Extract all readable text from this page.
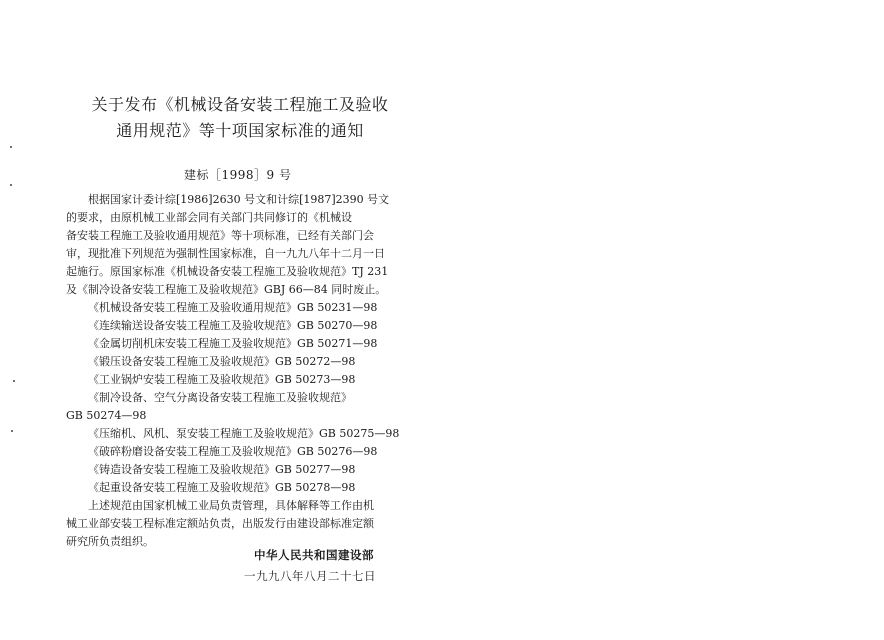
关于发布《机械设备安装工程施工及验收
通用规范》等十项国家标准的通知
建标［1998］9 号
根据国家计委计综[1986]2630 号文和计综[1987]2390 号文
的要求，由原机械工业部会同有关部门共同修订的《机械设
备安装工程施工及验收通用规范》等十项标准，已经有关部门会
审，现批准下列规范为强制性国家标准，自一九九八年十二月一日
起施行。原国家标准《机械设备安装工程施工及验收规范》TJ 231
及《制冷设备安装工程施工及验收规范》GBJ 66—84 同时废止。
《机械设备安装工程施工及验收通用规范》GB 50231—98
《连续输送设备安装工程施工及验收规范》GB 50270—98
《金属切削机床安装工程施工及验收规范》GB 50271—98
《锻压设备安装工程施工及验收规范》GB 50272—98
《工业锅炉安装工程施工及验收规范》GB 50273—98
《制冷设备、空气分离设备安装工程施工及验收规范》
GB 50274—98
《压缩机、风机、泵安装工程施工及验收规范》GB 50275—98
《破碎粉磨设备安装工程施工及验收规范》GB 50276—98
《铸造设备安装工程施工及验收规范》GB 50277—98
《起重设备安装工程施工及验收规范》GB 50278—98
上述规范由国家机械工业局负责管理，具体解释等工作由机
械工业部安装工程标准定额站负责，出版发行由建设部标准定额
研究所负责组织。
中华人民共和国建设部
一九九八年八月二十七日
